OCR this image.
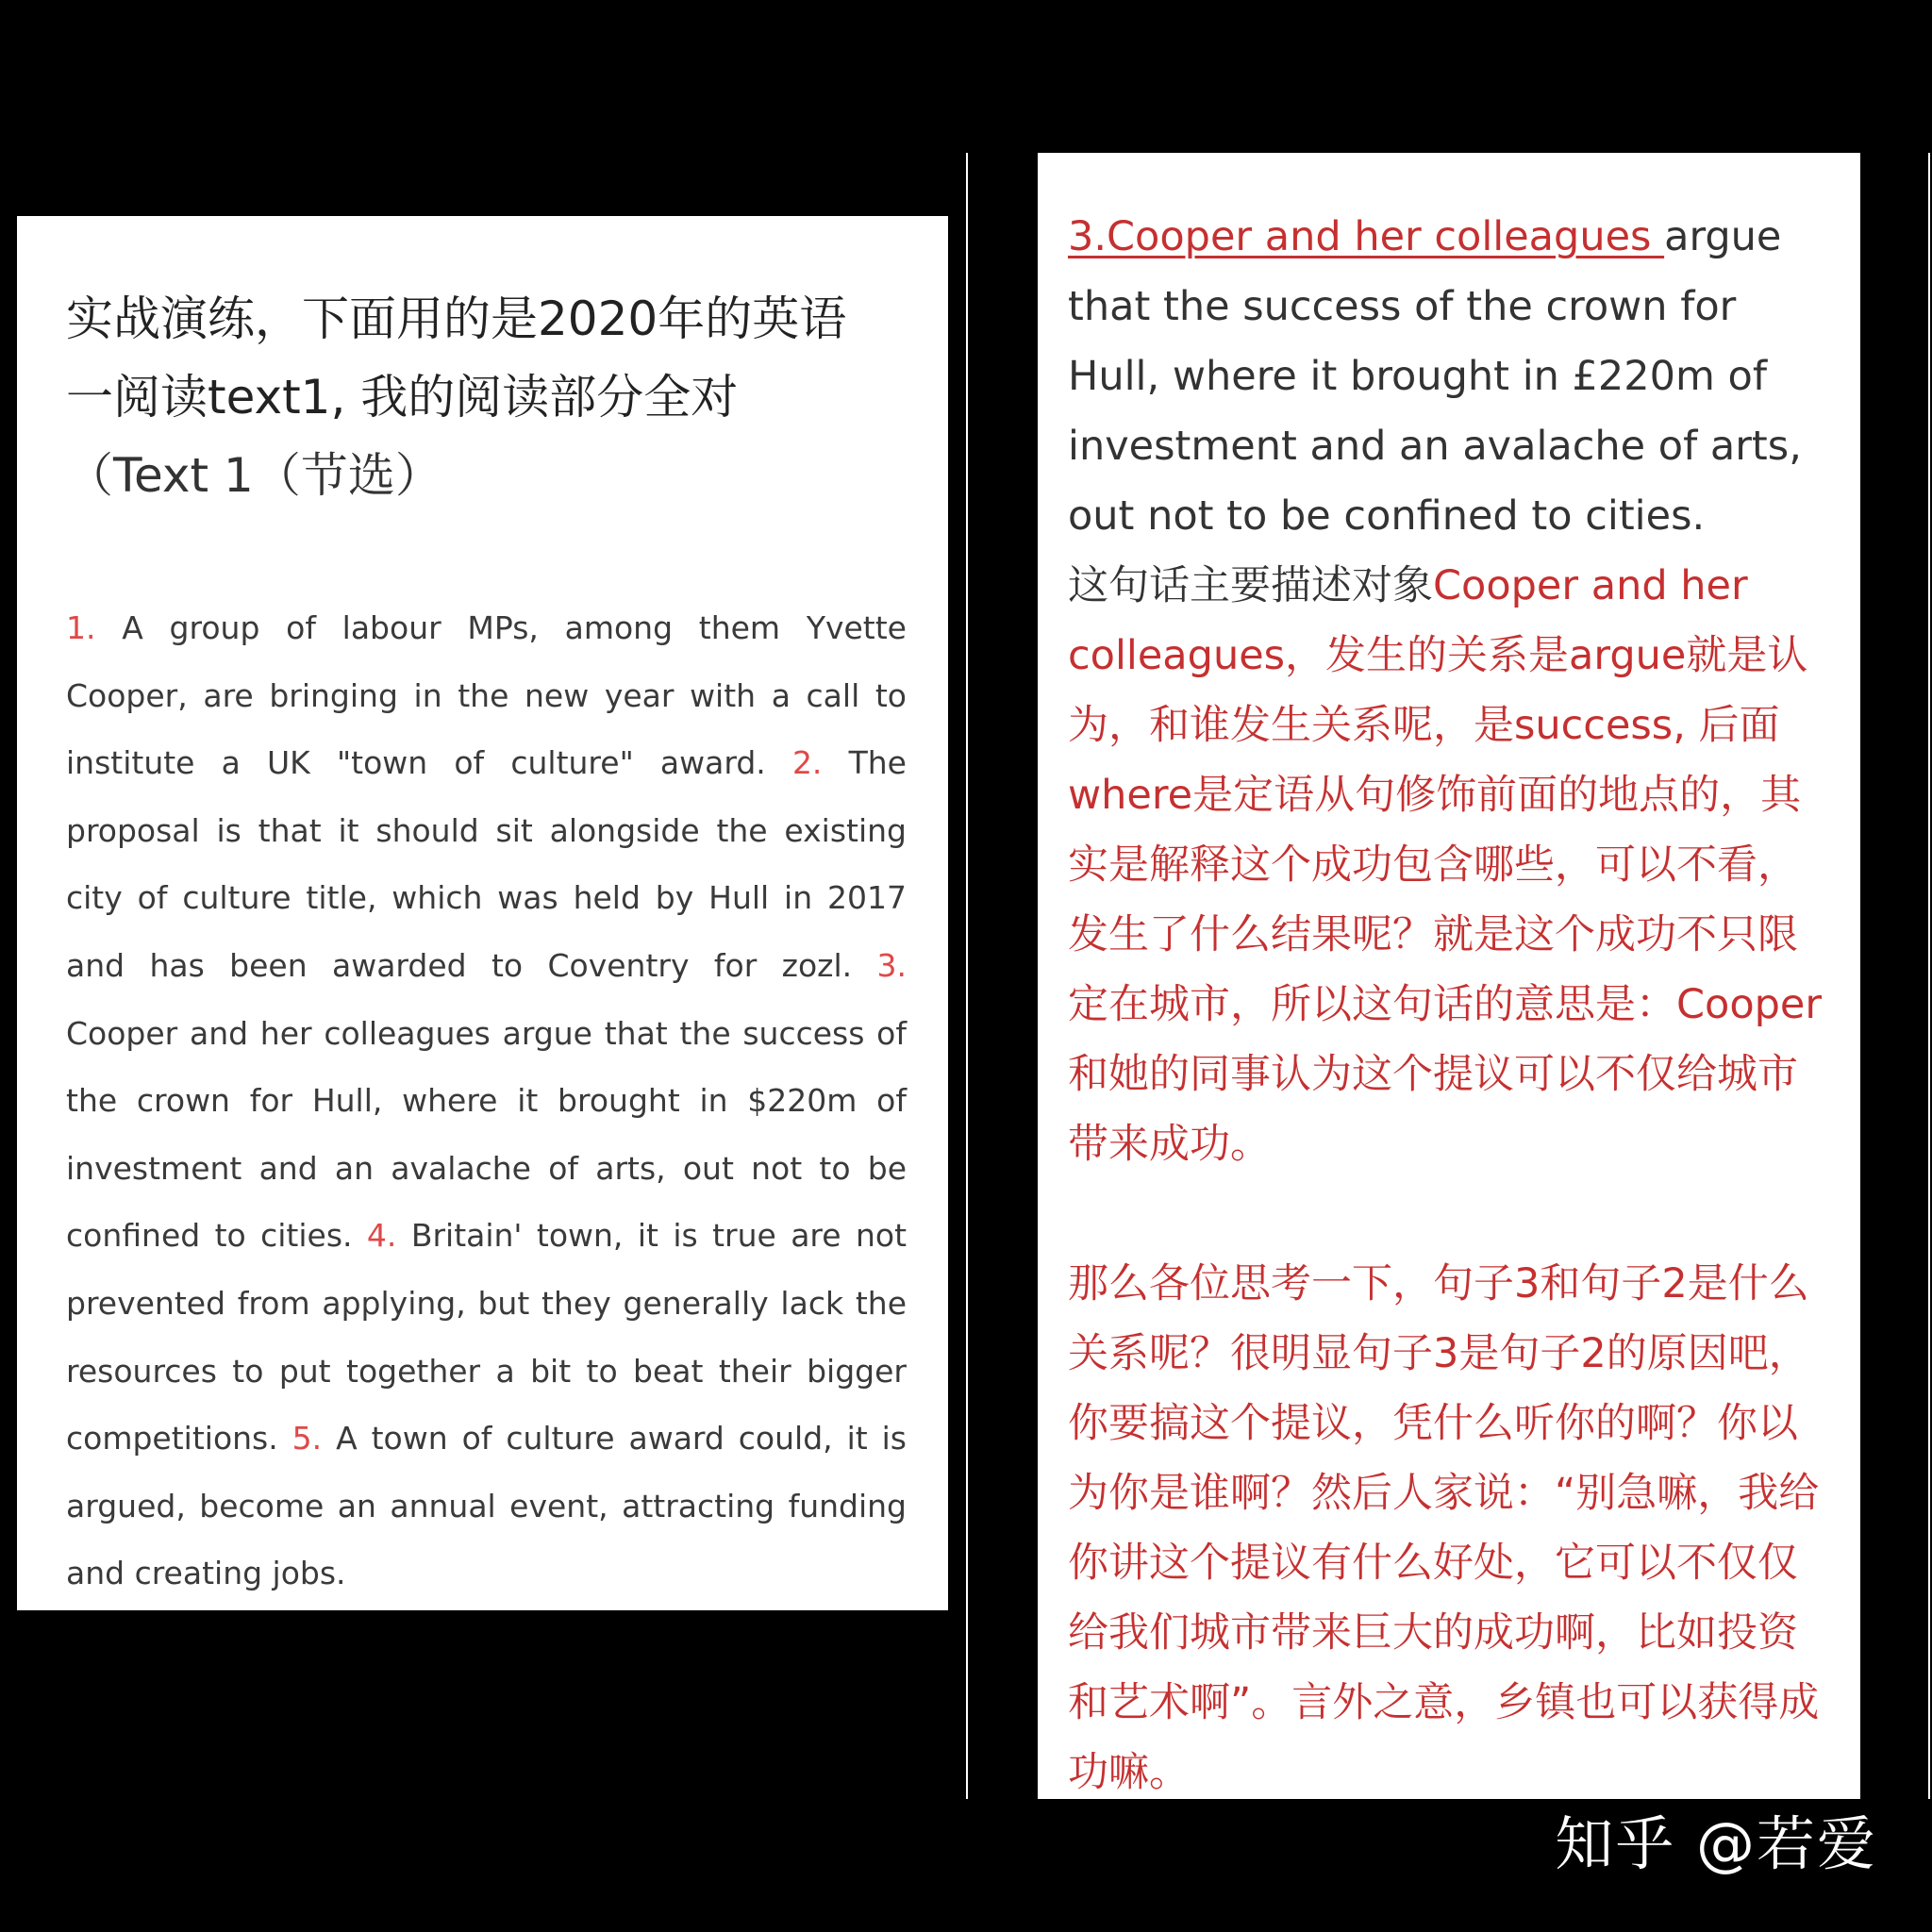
实战演练，下面用的是2020年的英语

一阅读text1, 我的阅读部分全对

（Text 1（节选）

1. A group of labour MPs, among them Yvette Cooper, are bringing in the new year with a call to institute a UK "town of culture" award. 2. The proposal is that it should sit alongside the existing city of culture title, which was held by Hull in 2017 and has been awarded to Coventry for zozl. 3. Cooper and her colleagues argue that the success of the crown for Hull, where it brought in $220m of investment and an avalache of arts, out not to be confined to cities. 4. Britain' town, it is true are not prevented from applying, but they generally lack the resources to put together a bit to beat their bigger competitions. 5. A town of culture award could, it is argued, become an annual event, attracting funding and creating jobs.

3.Cooper and her colleagues argue that the success of the crown for Hull, where it brought in £220m of investment and an avalache of arts, out not to be confined to cities.

这句话主要描述对象Cooper and her colleagues，发生的关系是argue就是认为，和谁发生关系呢，是success, 后面where是定语从句修饰前面的地点的，其实是解释这个成功包含哪些，可以不看，发生了什么结果呢？就是这个成功不只限定在城市，所以这句话的意思是：Cooper和她的同事认为这个提议可以不仅给城市带来成功。

那么各位思考一下，句子3和句子2是什么关系呢？很明显句子3是句子2的原因吧，你要搞这个提议，凭什么听你的啊？你以为你是谁啊？然后人家说：“别急嘛，我给你讲这个提议有什么好处，它可以不仅仅给我们城市带来巨大的成功啊，比如投资和艺术啊”。言外之意，乡镇也可以获得成功嘛。

知乎 @若爱
